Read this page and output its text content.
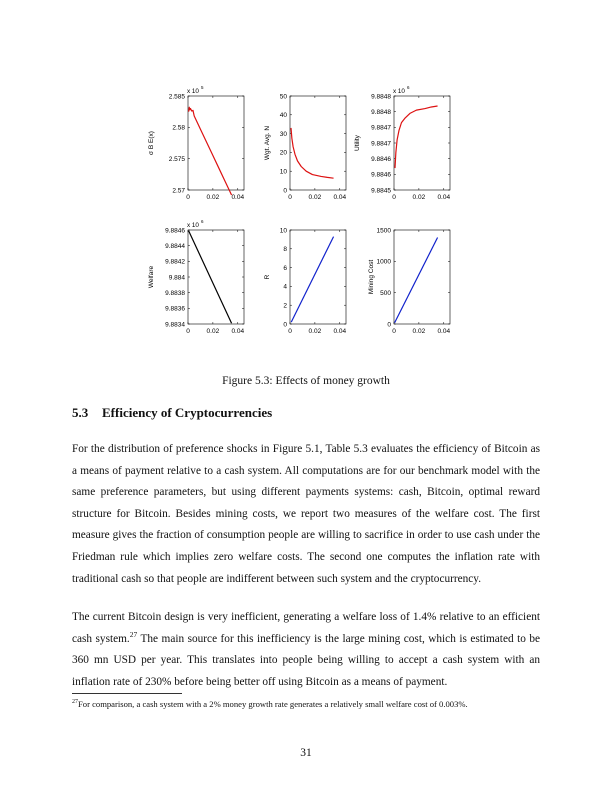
0	0.02 0.04
2.585
2.58
2.575
2.57
σ B E(x)
x 10
5
0	0.02 0.04
50
40
30
20
10
0
Wgt. Avg. N
0	0.02 0.04
9.8848
9.8848
9.8847
9.8847
9.8846
9.8846
9.8845
Utility
x 10
6
0	0.02 0.04
9.8846
9.8844
9.8842
9.884
9.8838
9.8836
9.8834
Welfare
x 10
6
0	0.02 0.04
10
8
6
4
2
0
R
0	0.02 0.04
1500
1000
500
0
Mining Cost
Figure 5.3: Effects of money growth
5.3 Efficiency of Cryptocurrencies

For the distribution of preference shocks in Figure 5.1, Table 5.3 evaluates the efficiency of Bitcoin as a means of payment relative to a cash system. All computations are for our benchmark model with the same preference parameters, but using different payments systems: cash, Bitcoin, optimal reward structure for Bitcoin. Besides mining costs, we report two measures of the welfare cost. The first measure gives the fraction of consumption people are willing to sacrifice in order to use cash under the Friedman rule which implies zero welfare costs. The second one computes the inflation rate with traditional cash so that people are indifferent between such system and the cryptocurrency.

The current Bitcoin design is very inefficient, generating a welfare loss of 1.4% relative to an efficient cash system.$^{27}$ The main source for this inefficiency is the large mining cost, which is estimated to be 360 mn USD per year. This translates into people being willing to accept a cash system with an inflation rate of 230% before being better off using Bitcoin as a means of payment.

$^{27}$For comparison, a cash system with a 2% money growth rate generates a relatively small welfare cost of 0.003%.
31
